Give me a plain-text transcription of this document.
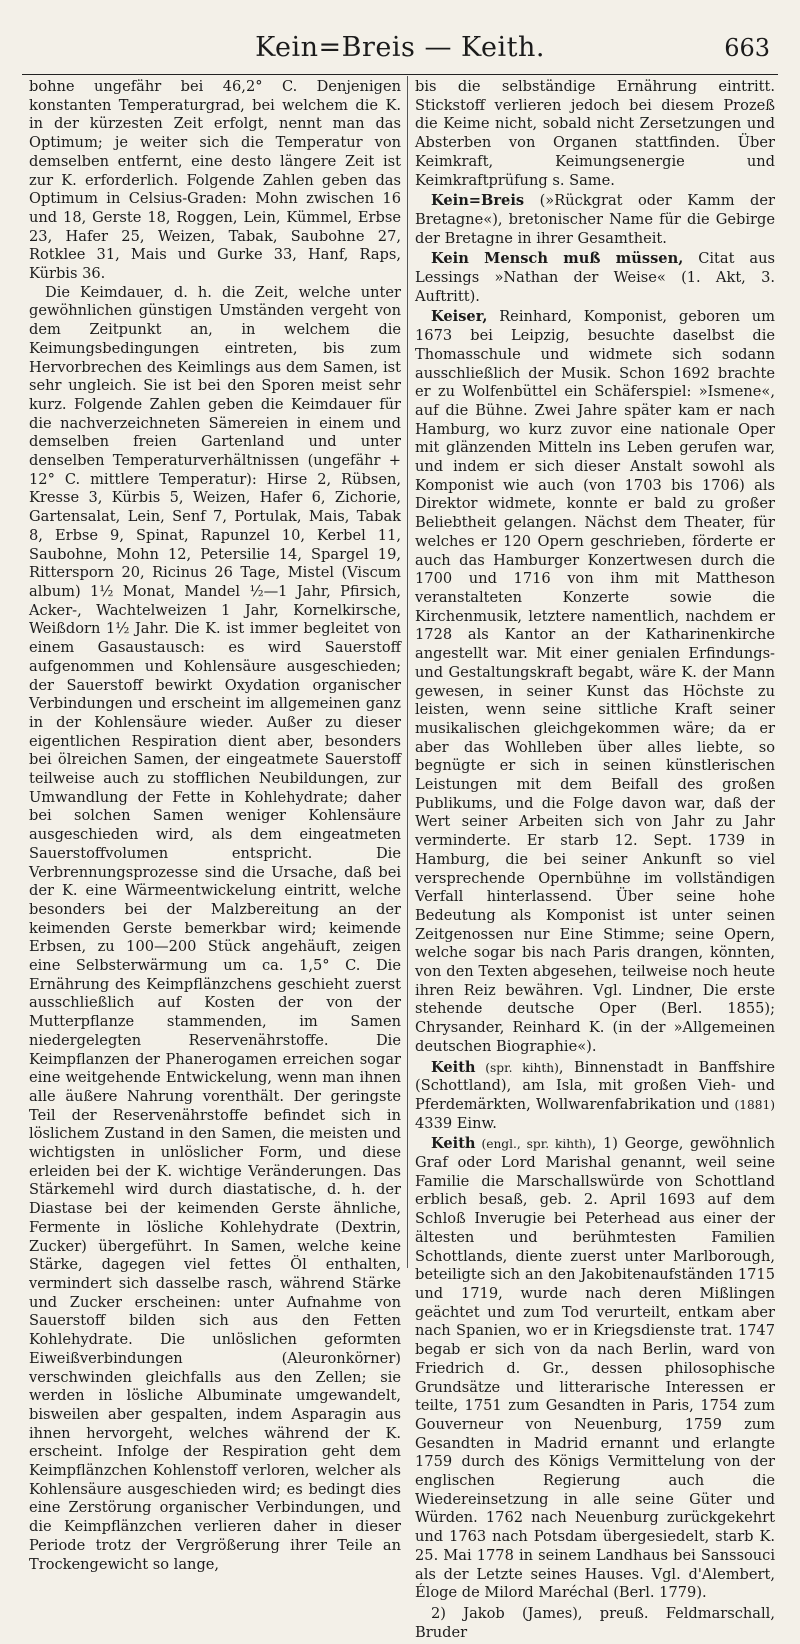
Kein=Breis — Keith.	663

bohne ungefähr bei 46,2° C. Denjenigen konstanten Temperaturgrad, bei welchem die K. in der kürzesten Zeit erfolgt, nennt man das Optimum; je weiter sich die Temperatur von demselben entfernt, eine desto längere Zeit ist zur K. erforderlich. Folgende Zahlen geben das Optimum in Celsius-Graden: Mohn zwischen 16 und 18, Gerste 18, Roggen, Lein, Kümmel, Erbse 23, Hafer 25, Weizen, Tabak, Saubohne 27, Rotklee 31, Mais und Gurke 33, Hanf, Raps, Kürbis 36.

Die Keimdauer, d. h. die Zeit, welche unter gewöhnlichen günstigen Umständen vergeht von dem Zeitpunkt an, in welchem die Keimungsbedingungen eintreten, bis zum Hervorbrechen des Keimlings aus dem Samen, ist sehr ungleich. Sie ist bei den Sporen meist sehr kurz. Folgende Zahlen geben die Keimdauer für die nachverzeichneten Sämereien in einem und demselben freien Gartenland und unter denselben Temperaturverhältnissen (ungefähr + 12° C. mittlere Temperatur): Hirse 2, Rübsen, Kresse 3, Kürbis 5, Weizen, Hafer 6, Zichorie, Gartensalat, Lein, Senf 7, Portulak, Mais, Tabak 8, Erbse 9, Spinat, Rapunzel 10, Kerbel 11, Saubohne, Mohn 12, Petersilie 14, Spargel 19, Rittersporn 20, Ricinus 26 Tage, Mistel (Viscum album) 1½ Monat, Mandel ½—1 Jahr, Pfirsich, Acker-, Wachtelweizen 1 Jahr, Kornelkirsche, Weißdorn 1½ Jahr. Die K. ist immer begleitet von einem Gasaustausch: es wird Sauerstoff aufgenommen und Kohlensäure ausgeschieden; der Sauerstoff bewirkt Oxydation organischer Verbindungen und erscheint im allgemeinen ganz in der Kohlensäure wieder. Außer zu dieser eigentlichen Respiration dient aber, besonders bei ölreichen Samen, der eingeatmete Sauerstoff teilweise auch zu stofflichen Neubildungen, zur Umwandlung der Fette in Kohlehydrate; daher bei solchen Samen weniger Kohlensäure ausgeschieden wird, als dem eingeatmeten Sauerstoffvolumen entspricht. Die Verbrennungsprozesse sind die Ursache, daß bei der K. eine Wärmeentwickelung eintritt, welche besonders bei der Malzbereitung an der keimenden Gerste bemerkbar wird; keimende Erbsen, zu 100—200 Stück angehäuft, zeigen eine Selbsterwärmung um ca. 1,5° C. Die Ernährung des Keimpflänzchens geschieht zuerst ausschließlich auf Kosten der von der Mutterpflanze stammenden, im Samen niedergelegten Reservenährstoffe. Die Keimpflanzen der Phanerogamen erreichen sogar eine weitgehende Entwickelung, wenn man ihnen alle äußere Nahrung vorenthält. Der geringste Teil der Reservenährstoffe befindet sich in löslichem Zustand in den Samen, die meisten und wichtigsten in unlöslicher Form, und diese erleiden bei der K. wichtige Veränderungen. Das Stärkemehl wird durch diastatische, d. h. der Diastase bei der keimenden Gerste ähnliche, Fermente in lösliche Kohlehydrate (Dextrin, Zucker) übergeführt. In Samen, welche keine Stärke, dagegen viel fettes Öl enthalten, vermindert sich dasselbe rasch, während Stärke und Zucker erscheinen: unter Aufnahme von Sauerstoff bilden sich aus den Fetten Kohlehydrate. Die unlöslichen geformten Eiweißverbindungen (Aleuronkörner) verschwinden gleichfalls aus den Zellen; sie werden in lösliche Albuminate umgewandelt, bisweilen aber gespalten, indem Asparagin aus ihnen hervorgeht, welches während der K. erscheint. Infolge der Respiration geht dem Keimpflänzchen Kohlenstoff verloren, welcher als Kohlensäure ausgeschieden wird; es bedingt dies eine Zerstörung organischer Verbindungen, und die Keimpflänzchen verlieren daher in dieser Periode trotz der Vergrößerung ihrer Teile an Trockengewicht so lange,

bis die selbständige Ernährung eintritt. Stickstoff verlieren jedoch bei diesem Prozeß die Keime nicht, sobald nicht Zersetzungen und Absterben von Organen stattfinden. Über Keimkraft, Keimungsenergie und Keimkraftprüfung s. Same.

Kein=Breis (»Rückgrat oder Kamm der Bretagne«), bretonischer Name für die Gebirge der Bretagne in ihrer Gesamtheit.

Kein Mensch muß müssen, Citat aus Lessings »Nathan der Weise« (1. Akt, 3. Auftritt).

Keiser, Reinhard, Komponist, geboren um 1673 bei Leipzig, besuchte daselbst die Thomasschule und widmete sich sodann ausschließlich der Musik. Schon 1692 brachte er zu Wolfenbüttel ein Schäferspiel: »Ismene«, auf die Bühne. Zwei Jahre später kam er nach Hamburg, wo kurz zuvor eine nationale Oper mit glänzenden Mitteln ins Leben gerufen war, und indem er sich dieser Anstalt sowohl als Komponist wie auch (von 1703 bis 1706) als Direktor widmete, konnte er bald zu großer Beliebtheit gelangen. Nächst dem Theater, für welches er 120 Opern geschrieben, förderte er auch das Hamburger Konzertwesen durch die 1700 und 1716 von ihm mit Mattheson veranstalteten Konzerte sowie die Kirchenmusik, letztere namentlich, nachdem er 1728 als Kantor an der Katharinenkirche angestellt war. Mit einer genialen Erfindungs- und Gestaltungskraft begabt, wäre K. der Mann gewesen, in seiner Kunst das Höchste zu leisten, wenn seine sittliche Kraft seiner musikalischen gleichgekommen wäre; da er aber das Wohlleben über alles liebte, so begnügte er sich in seinen künstlerischen Leistungen mit dem Beifall des großen Publikums, und die Folge davon war, daß der Wert seiner Arbeiten sich von Jahr zu Jahr verminderte. Er starb 12. Sept. 1739 in Hamburg, die bei seiner Ankunft so viel versprechende Opernbühne im vollständigen Verfall hinterlassend. Über seine hohe Bedeutung als Komponist ist unter seinen Zeitgenossen nur Eine Stimme; seine Opern, welche sogar bis nach Paris drangen, könnten, von den Texten abgesehen, teilweise noch heute ihren Reiz bewähren. Vgl. Lindner, Die erste stehende deutsche Oper (Berl. 1855); Chrysander, Reinhard K. (in der »Allgemeinen deutschen Biographie«).

Keith (spr. kihth), Binnenstadt in Banffshire (Schottland), am Isla, mit großen Vieh- und Pferdemärkten, Wollwarenfabrikation und (1881) 4339 Einw.

Keith (engl., spr. kihth), 1) George, gewöhnlich Graf oder Lord Marishal genannt, weil seine Familie die Marschallswürde von Schottland erblich besaß, geb. 2. April 1693 auf dem Schloß Inverugie bei Peterhead aus einer der ältesten und berühmtesten Familien Schottlands, diente zuerst unter Marlborough, beteiligte sich an den Jakobitenaufständen 1715 und 1719, wurde nach deren Mißlingen geächtet und zum Tod verurteilt, entkam aber nach Spanien, wo er in Kriegsdienste trat. 1747 begab er sich von da nach Berlin, ward von Friedrich d. Gr., dessen philosophische Grundsätze und litterarische Interessen er teilte, 1751 zum Gesandten in Paris, 1754 zum Gouverneur von Neuenburg, 1759 zum Gesandten in Madrid ernannt und erlangte 1759 durch des Königs Vermittelung von der englischen Regierung auch die Wiedereinsetzung in alle seine Güter und Würden. 1762 nach Neuenburg zurückgekehrt und 1763 nach Potsdam übergesiedelt, starb K. 25. Mai 1778 in seinem Landhaus bei Sanssouci als der Letzte seines Hauses. Vgl. d'Alembert, Éloge de Milord Maréchal (Berl. 1779).

2) Jakob (James), preuß. Feldmarschall, Bruder
